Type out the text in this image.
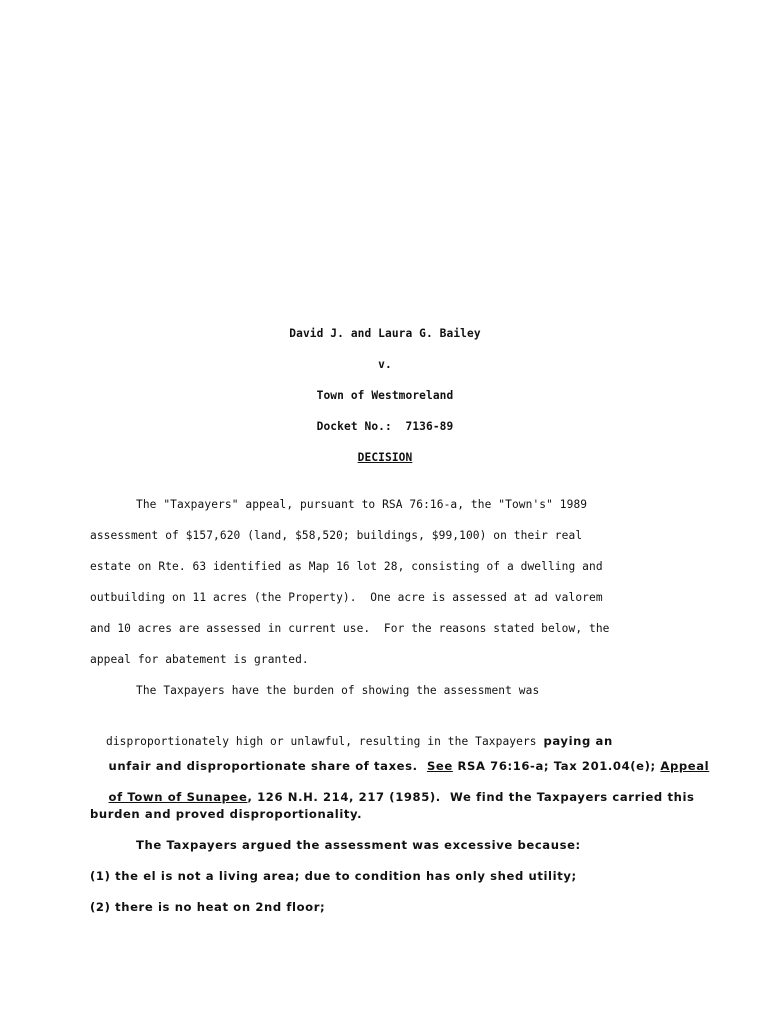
David J. and Laura G. Bailey
v.
Town of Westmoreland
Docket No.:  7136-89
DECISION
The "Taxpayers" appeal, pursuant to RSA 76:16-a, the "Town's" 1989
assessment of $157,620 (land, $58,520; buildings, $99,100) on their real
estate on Rte. 63 identified as Map 16 lot 28, consisting of a dwelling and
outbuilding on 11 acres (the Property).  One acre is assessed at ad valorem
and 10 acres are assessed in current use.  For the reasons stated below, the
appeal for abatement is granted.
The Taxpayers have the burden of showing the assessment was

disproportionately high or unlawful, resulting in the Taxpayers paying an

unfair and disproportionate share of taxes.  See RSA 76:16-a; Tax 201.04(e); Appeal

of Town of Sunapee, 126 N.H. 214, 217 (1985).  We find the Taxpayers carried this

burden and proved disproportionality.
The Taxpayers argued the assessment was excessive because:
(1) the el is not a living area; due to condition has only shed utility;
(2) there is no heat on 2nd floor;
